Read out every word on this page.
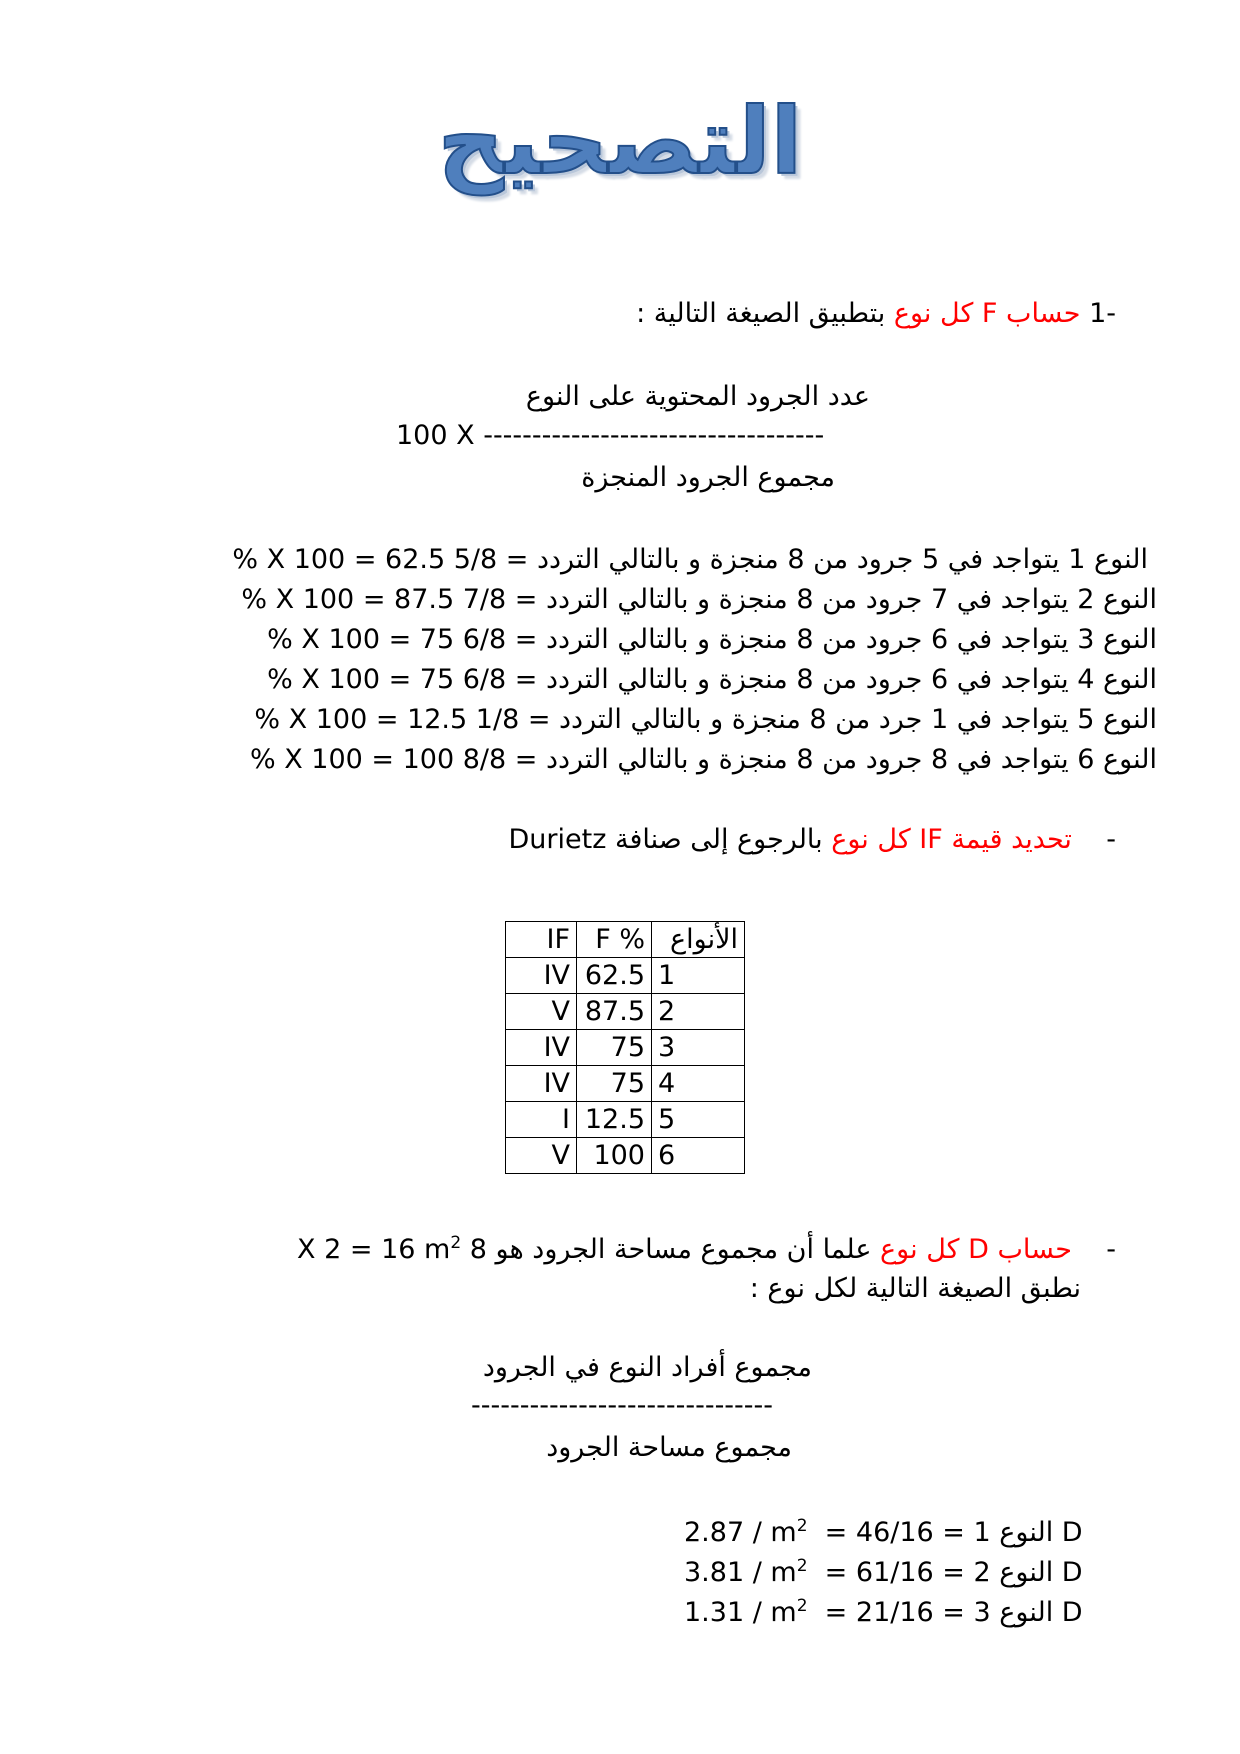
التصحيح
-1 حساب F كل نوع بتطبيق الصيغة التالية :
عدد الجرود المحتوية على النوع
100 X -----------------------------------
مجموع الجرود المنجزة
النوع 1 يتواجد في 5 جرود من 8 منجزة و بالتالي التردد = 5/8 X 100 = 62.5 %
النوع 2 يتواجد في 7 جرود من 8 منجزة و بالتالي التردد = 7/8 X 100 = 87.5 %
النوع 3 يتواجد في 6 جرود من 8 منجزة و بالتالي التردد = 6/8 X 100 = 75 %
النوع 4 يتواجد في 6 جرود من 8 منجزة و بالتالي التردد = 6/8 X 100 = 75 %
النوع 5 يتواجد في 1 جرد من 8 منجزة و بالتالي التردد = 1/8 X 100 = 12.5 %
النوع 6 يتواجد في 8 جرود من 8 منجزة و بالتالي التردد = 8/8 X 100 = 100 %
-    تحديد قيمة IF كل نوع بالرجوع إلى صنافة Durietz
الأنواع	F %	IF
1	62.5	IV
2	87.5	V
3	75	IV
4	75	IV
5	12.5	I
6	100	V
-    حساب D كل نوع علما أن مجموع مساحة الجرود هو 8 X 2 = 16 $m^2$
نطبق الصيغة التالية لكل نوع :
مجموع أفراد النوع في الجرود
-------------------------------
مجموع مساحة الجرود
$2.87 / m^2 = 46/16 = D$ النوع 1
$3.81 / m^2 = 61/16 = D$ النوع 2
$1.31 / m^2 = 21/16 = D$ النوع 3
